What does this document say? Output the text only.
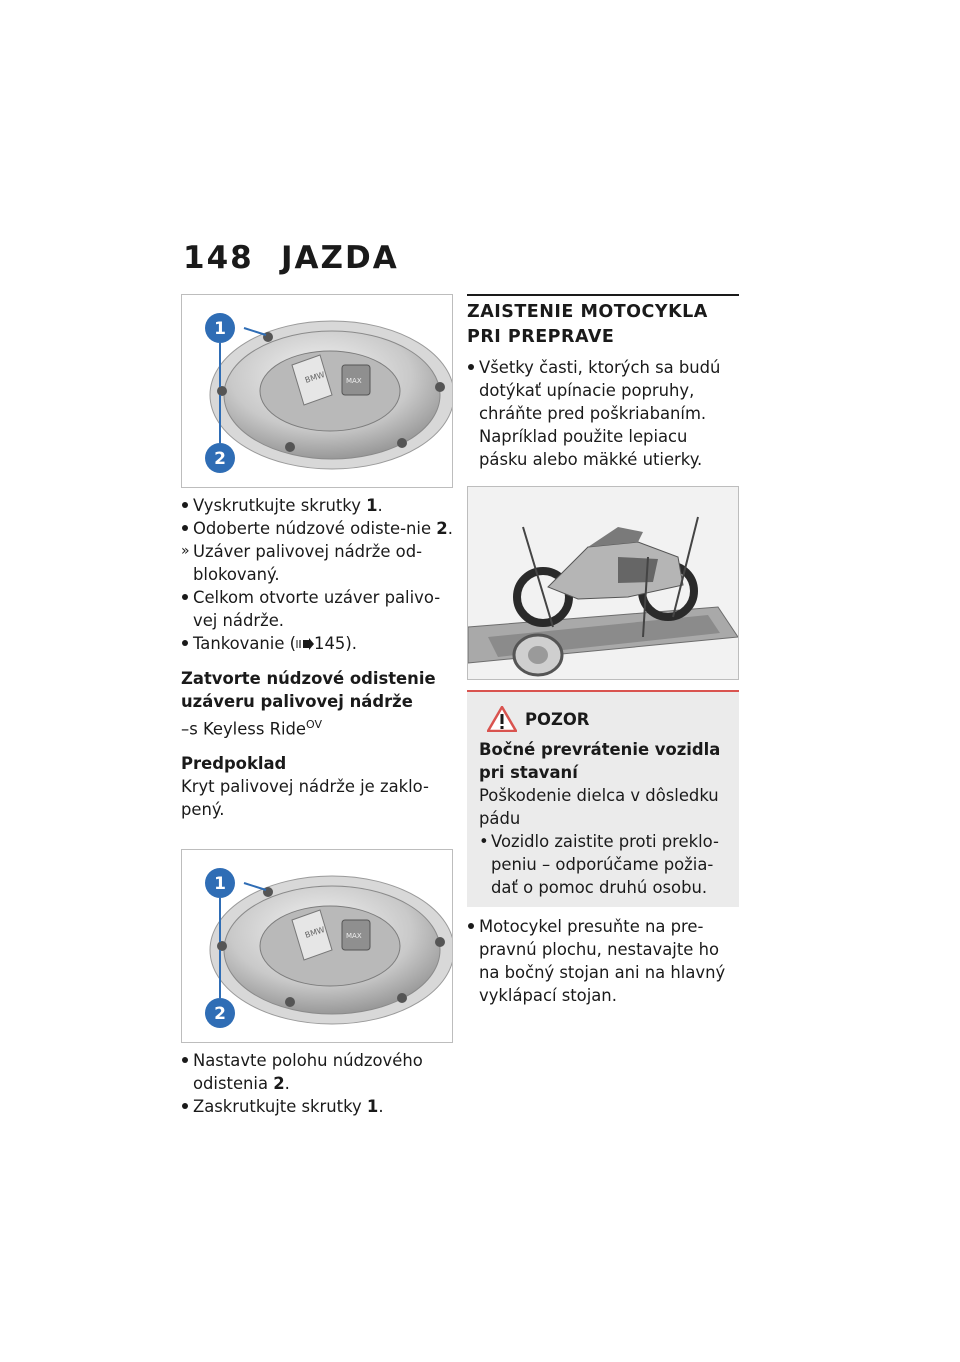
148 JAZDA
1
2
BMW	MAX
Vyskrutkujte skrutky 1.
Odoberte núdzové odiste-nie 2.
» Uzáver palivovej nádrže od-blokovaný.
Celkom otvorte uzáver palivo-vej nádrže.
Tankovanie ( 145).
Zatvorte núdzové odistenie uzáveru palivovej nádrže
–s Keyless Ride$^{OV}$
Predpoklad
Kryt palivovej nádrže je zaklo-pený.
1
2
BMW	MAX
Nastavte polohu núdzového odistenia 2.
Zaskrutkujte skrutky 1.
ZAISTENIE MOTOCYKLA PRI PREPRAVE
Všetky časti, ktorých sa budú dotýkať upínacie popruhy, chráňte pred poškriabaním. Napríklad použite lepiacu pásku alebo mäkké utierky.
POZOR
Bočné prevrátenie vozidla pri stavaní
Poškodenie dielca v dôsledku pádu
• Vozidlo zaistite proti preklo-peniu – odporúčame požia-dať o pomoc druhú osobu.
Motocykel presuňte na pre-pravnú plochu, nestavajte ho na bočný stojan ani na hlavný vyklápací stojan.
